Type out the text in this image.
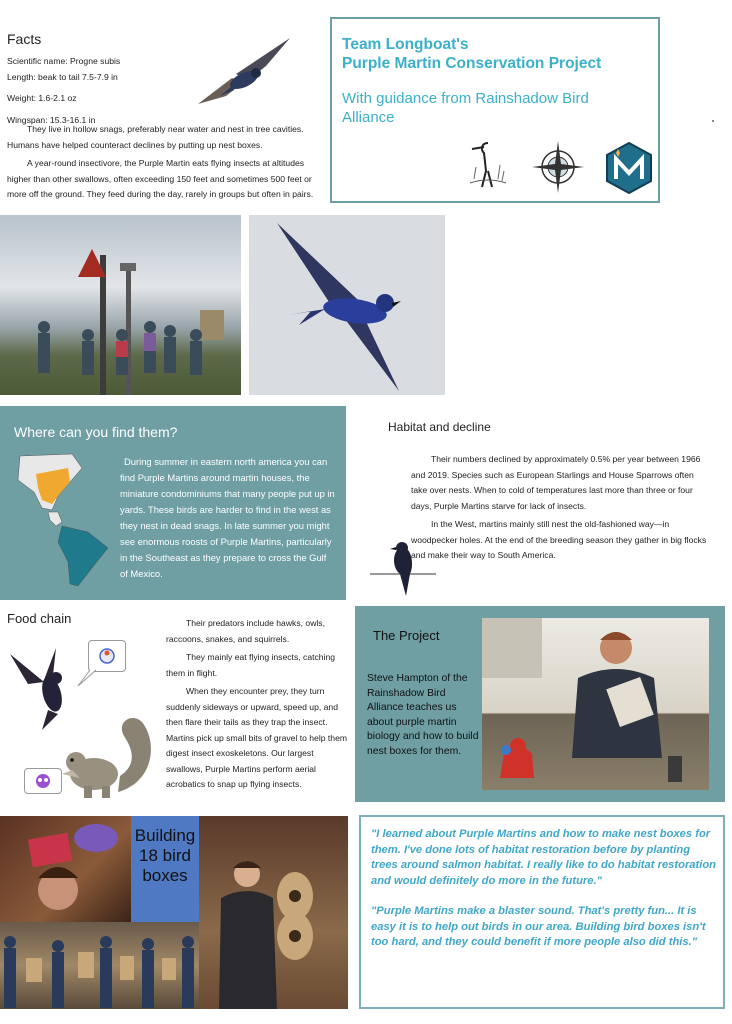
Facts

Scientific name: Progne subis

Length: beak to tail 7.5-7.9 in

Weight: 1.6-2.1 oz

Wingspan: 15.3-16.1 in

They live in hollow snags, preferably near water and nest in tree cavities. Humans have helped counteract declines by putting up nest boxes.

A year-round insectivore, the Purple Martin eats flying insects at altitudes higher than other swallows, often exceeding 150 feet and sometimes 500 feet or more off the ground. They feed during the day, rarely in groups but often in pairs.

Team Longboat's
Purple Martin Conservation Project
With guidance from Rainshadow Bird Alliance
Where can you find them?
During summer in eastern north america you can find Purple Martins around martin houses, the miniature condominiums that many people put up in yards. These birds are harder to find in the west as they nest in dead snags. In late summer you might see enormous roosts of Purple Martins, particularly in the Southeast as they prepare to cross the Gulf of Mexico.
Habitat and decline

Their numbers declined by approximately 0.5% per year between 1966 and 2019. Species such as European Starlings and House Sparrows often take over nests. When to cold of temperatures last more than three or four days, Purple Martins starve for lack of insects.

In the West, martins mainly still nest the old-fashioned way—in woodpecker holes. At the end of the breeding season they gather in big flocks and make their way to South America.

Food chain	Their predators include hawks, owls, raccoons, snakes, and squirrels.

They mainly eat flying insects, catching them in flight.

When they encounter prey, they turn suddenly sideways or upward, speed up, and then flare their tails as they trap the insect. Martins pick up small bits of gravel to help them digest insect exoskeletons. Our largest swallows, Purple Martins perform aerial acrobatics to snap up flying insects.

The Project
Steve Hampton of the Rainshadow Bird Alliance teaches us about purple martin biology and how to build nest boxes for them.
Building 18 bird boxes

"I learned about Purple Martins and how to make nest boxes for them. I've done lots of habitat restoration before by planting trees around salmon habitat. I really like to do habitat restoration and would definitely do more in the future."

"Purple Martins make a blaster sound. That's pretty fun... It is easy it is to help out birds in our area. Building bird boxes isn't too hard, and they could benefit if more people also did this."
